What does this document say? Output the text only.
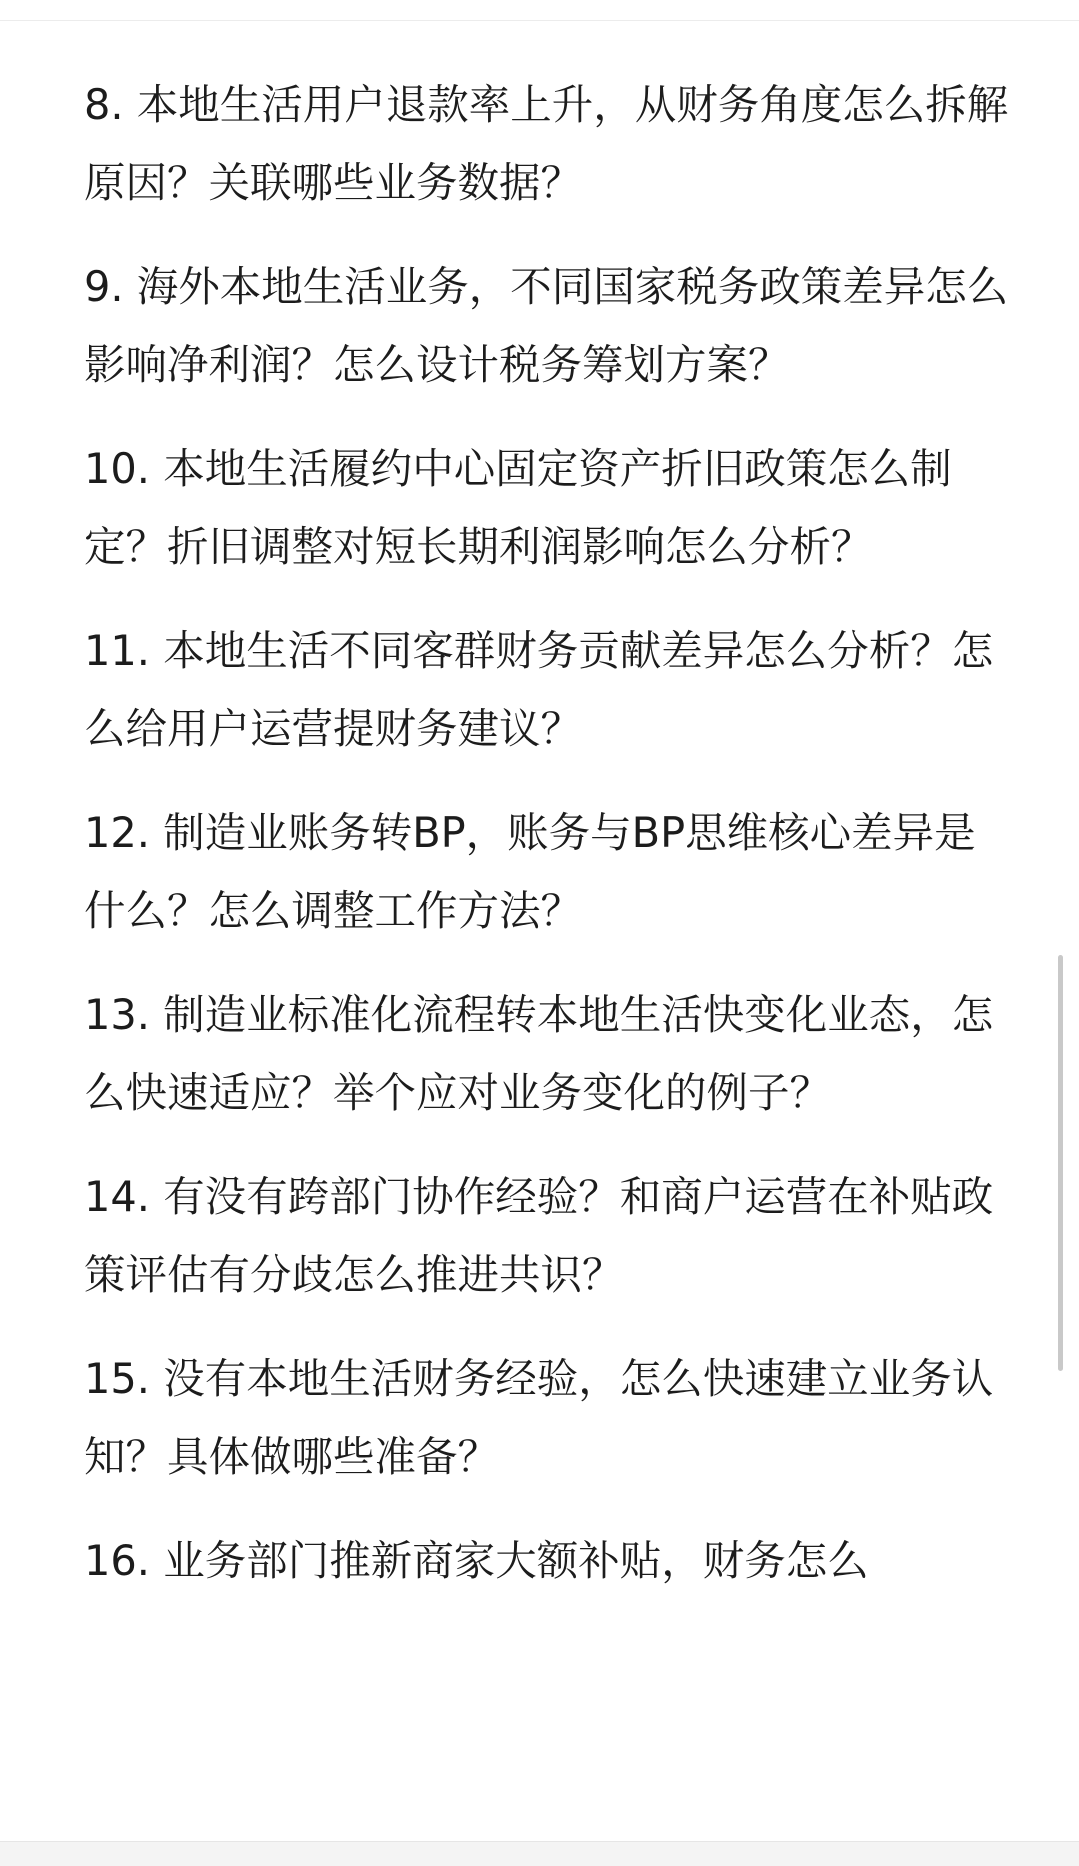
8. 本地生活用户退款率上升，从财务角度怎么拆解原因？关联哪些业务数据？
9. 海外本地生活业务，不同国家税务政策差异怎么影响净利润？怎么设计税务筹划方案？
10. 本地生活履约中心固定资产折旧政策怎么制定？折旧调整对短长期利润影响怎么分析？
11. 本地生活不同客群财务贡献差异怎么分析？怎么给用户运营提财务建议？
12. 制造业账务转BP，账务与BP思维核心差异是什么？怎么调整工作方法？
13. 制造业标准化流程转本地生活快变化业态，怎么快速适应？举个应对业务变化的例子？
14. 有没有跨部门协作经验？和商户运营在补贴政策评估有分歧怎么推进共识？
15. 没有本地生活财务经验，怎么快速建立业务认知？具体做哪些准备？
16. 业务部门推新商家大额补贴，财务怎么
